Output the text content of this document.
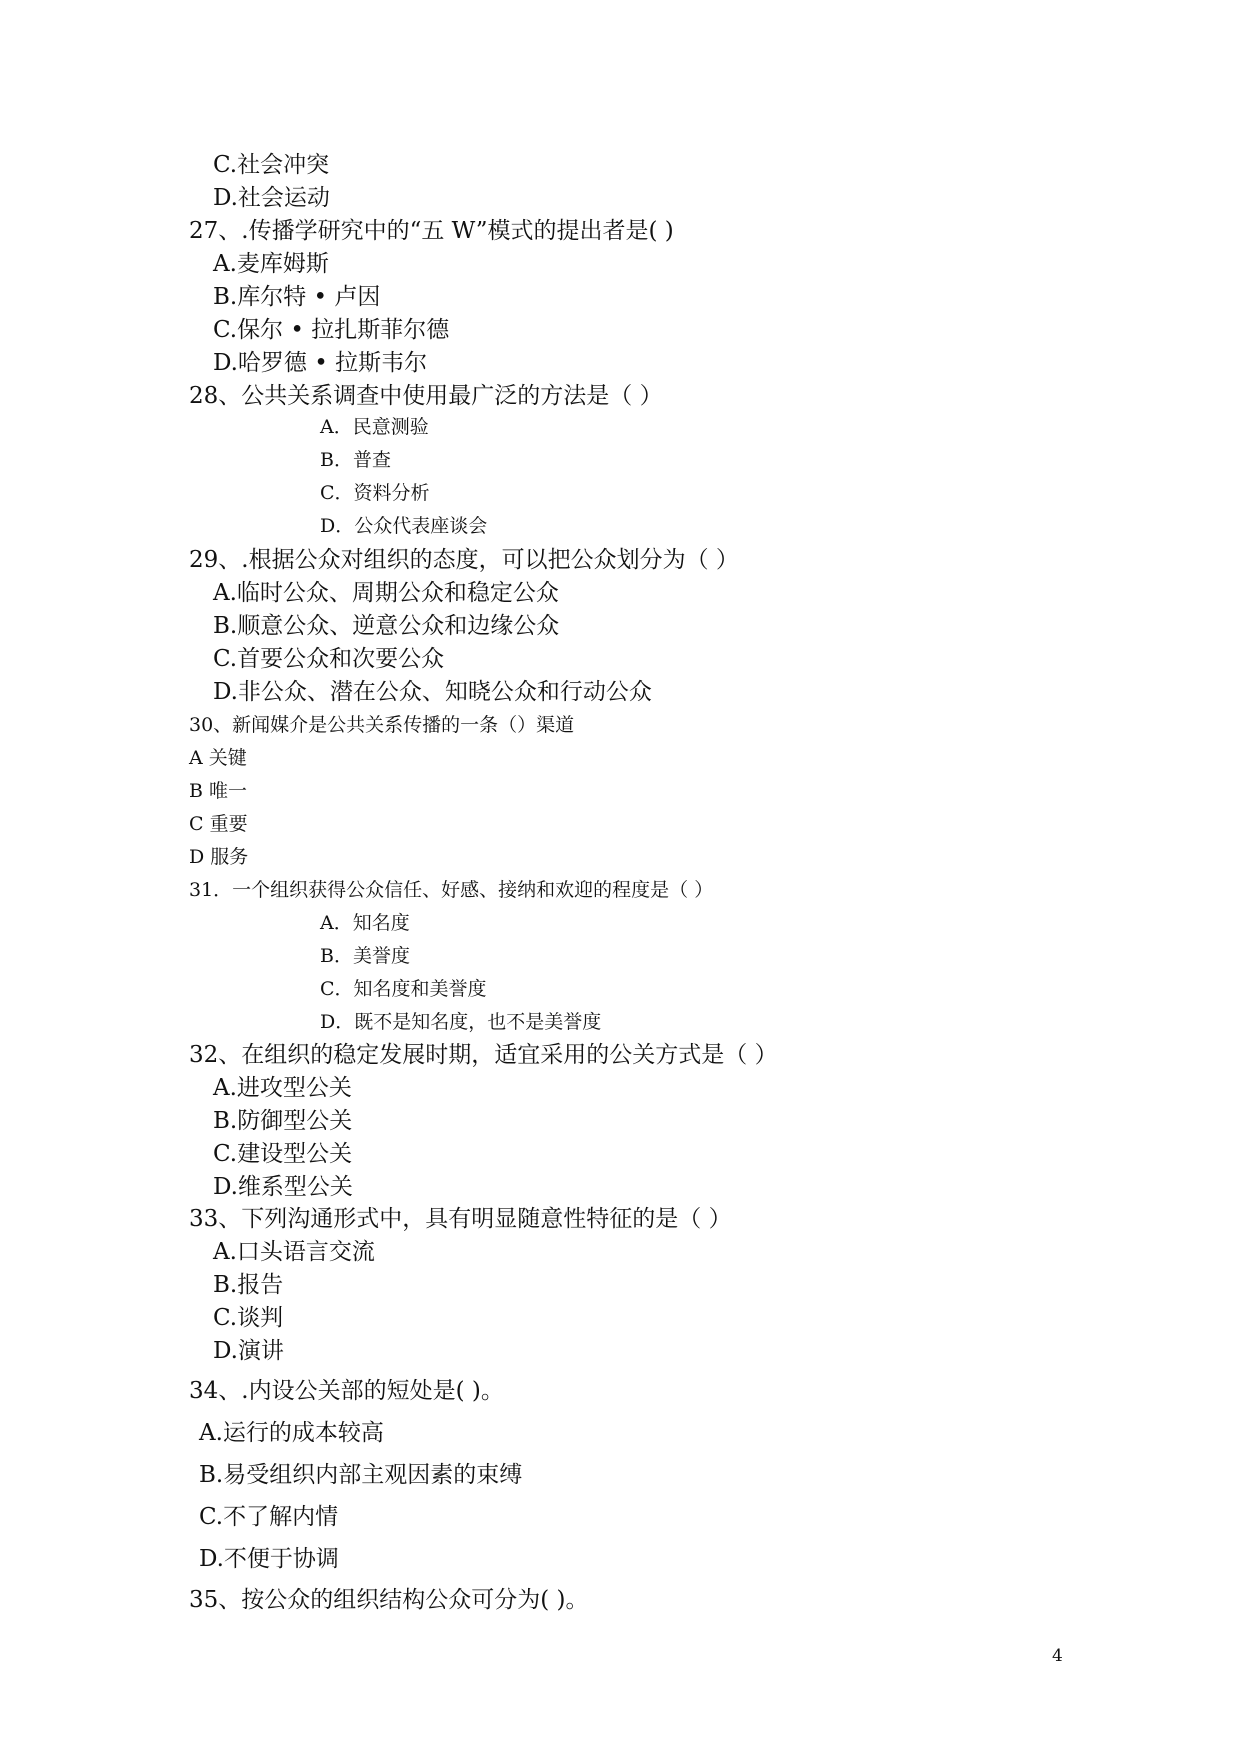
C.社会冲突
D.社会运动
27、.传播学研究中的“五 W”模式的提出者是( )
A.麦库姆斯
B.库尔特 • 卢因
C.保尔 • 拉扎斯菲尔德
D.哈罗德 • 拉斯韦尔
28、公共关系调查中使用最广泛的方法是（ ）
A．民意测验
B．普查
C．资料分析
D．公众代表座谈会
29、.根据公众对组织的态度，可以把公众划分为（ ）
A.临时公众、周期公众和稳定公众
B.顺意公众、逆意公众和边缘公众
C.首要公众和次要公众
D.非公众、潜在公众、知晓公众和行动公众
30、新闻媒介是公共关系传播的一条（）渠道
A 关键
B 唯一
C 重要
D 服务
31．一个组织获得公众信任、好感、接纳和欢迎的程度是（ ）
A．知名度
B．美誉度
C．知名度和美誉度
D．既不是知名度，也不是美誉度
32、在组织的稳定发展时期，适宜采用的公关方式是（ ）
A.进攻型公关
B.防御型公关
C.建设型公关
D.维系型公关
33、下列沟通形式中，具有明显随意性特征的是（ ）
A.口头语言交流
B.报告
C.谈判
D.演讲
34、.内设公关部的短处是( )。
A.运行的成本较高
B.易受组织内部主观因素的束缚
C.不了解内情
D.不便于协调
35、按公众的组织结构公众可分为( )。
4
